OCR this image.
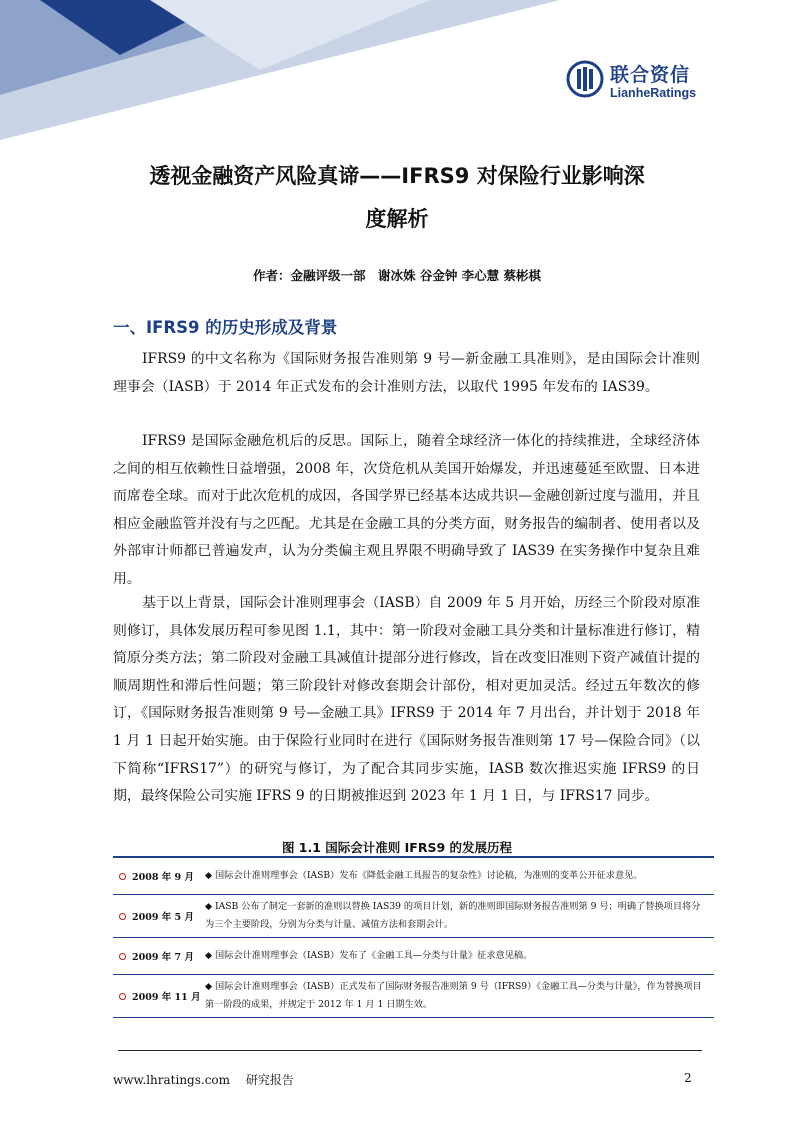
联合资信
LianheRatings
透视金融资产风险真谛——IFRS9 对保险行业影响深
度解析
作者：金融评级一部　谢冰姝 谷金钟 李心慧 蔡彬棋
一、IFRS9 的历史形成及背景

IFRS9 的中文名称为《国际财务报告准则第 9 号—新金融工具准则》，是由国际会计准则理事会（IASB）于 2014 年正式发布的会计准则方法，以取代 1995 年发布的 IAS39。

IFRS9 是国际金融危机后的反思。国际上，随着全球经济一体化的持续推进，全球经济体之间的相互依赖性日益增强，2008 年，次贷危机从美国开始爆发，并迅速蔓延至欧盟、日本进而席卷全球。而对于此次危机的成因，各国学界已经基本达成共识—金融创新过度与滥用，并且相应金融监管并没有与之匹配。尤其是在金融工具的分类方面，财务报告的编制者、使用者以及外部审计师都已普遍发声，认为分类偏主观且界限不明确导致了 IAS39 在实务操作中复杂且难用。

基于以上背景，国际会计准则理事会（IASB）自 2009 年 5 月开始，历经三个阶段对原准则修订，具体发展历程可参见图 1.1，其中：第一阶段对金融工具分类和计量标准进行修订，精简原分类方法；第二阶段对金融工具减值计提部分进行修改，旨在改变旧准则下资产减值计提的顺周期性和滞后性问题；第三阶段针对修改套期会计部份，相对更加灵活。经过五年数次的修订，《国际财务报告准则第 9 号—金融工具》IFRS9 于 2014 年 7 月出台，并计划于 2018 年 1 月 1 日起开始实施。由于保险行业同时在进行《国际财务报告准则第 17 号—保险合同》（以下简称“IFRS17”）的研究与修订，为了配合其同步实施，IASB 数次推迟实施 IFRS9 的日期，最终保险公司实施 IFRS 9 的日期被推迟到 2023 年 1 月 1 日，与 IFRS17 同步。

图 1.1 国际会计准则 IFRS9 的发展历程
2008 年 9 月 ◆ 国际会计准则理事会（IASB）发布《降低金融工具报告的复杂性》讨论稿，为准则的变革公开征求意见。
2009 年 5 月
◆ IASB 公布了制定一套新的准则以替换 IAS39 的项目计划，新的准则即国际财务报告准则第 9 号；明确了替换项目将分为三个主要阶段，分别为分类与计量、减值方法和套期会计。
2009 年 7 月 ◆ 国际会计准则理事会（IASB）发布了《金融工具—分类与计量》征求意见稿。
2009 年 11 月
◆ 国际会计准则理事会（IASB）正式发布了国际财务报告准则第 9 号（IFRS9）《金融工具—分类与计量》，作为替换项目第一阶段的成果，并规定于 2012 年 1 月 1 日期生效。
www.lhratings.com　 研究报告	2
